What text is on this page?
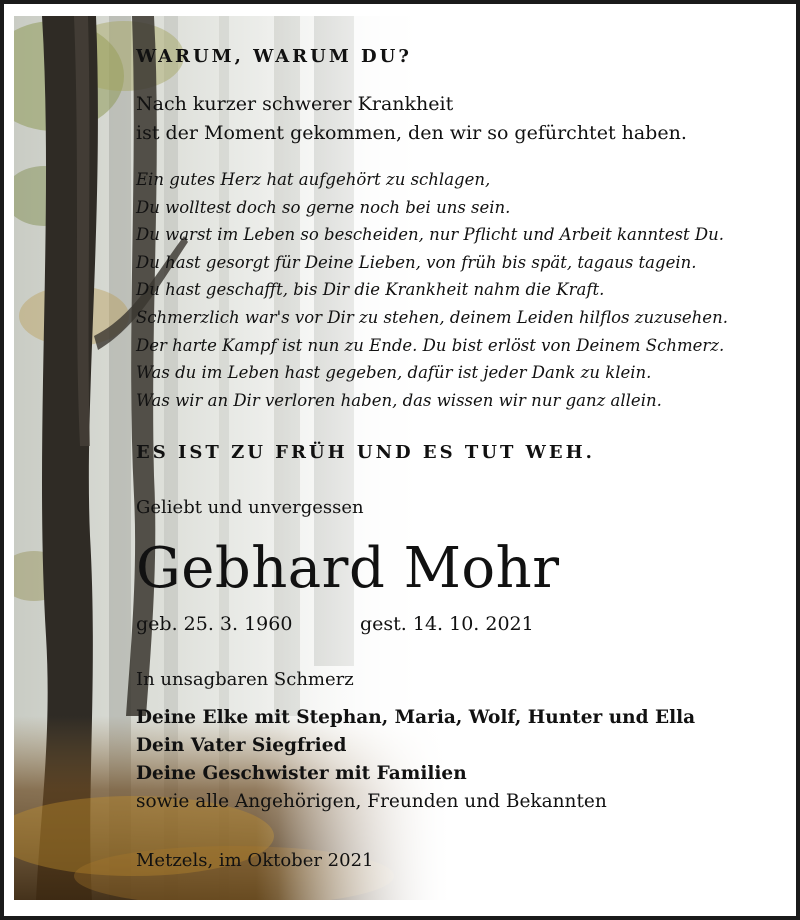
WARUM, WARUM DU?
Nach kurzer schwerer Krankheit
ist der Moment gekommen, den wir so gefürchtet haben.
Ein gutes Herz hat aufgehört zu schlagen,
Du wolltest doch so gerne noch bei uns sein.
Du warst im Leben so bescheiden, nur Pflicht und Arbeit kanntest Du.
Du hast gesorgt für Deine Lieben, von früh bis spät, tagaus tagein.
Du hast geschafft, bis Dir die Krankheit nahm die Kraft.
Schmerzlich war's vor Dir zu stehen, deinem Leiden hilflos zuzusehen.
Der harte Kampf ist nun zu Ende. Du bist erlöst von Deinem Schmerz.
Was du im Leben hast gegeben, dafür ist jeder Dank zu klein.
Was wir an Dir verloren haben, das wissen wir nur ganz allein.
ES IST ZU FRÜH UND ES TUT WEH.
Geliebt und unvergessen
Gebhard Mohr
geb. 25. 3. 1960	gest. 14. 10. 2021
In unsagbaren Schmerz
Deine Elke mit Stephan, Maria, Wolf, Hunter und Ella
Dein Vater Siegfried
Deine Geschwister mit Familien
sowie alle Angehörigen, Freunden und Bekannten
Metzels, im Oktober 2021
